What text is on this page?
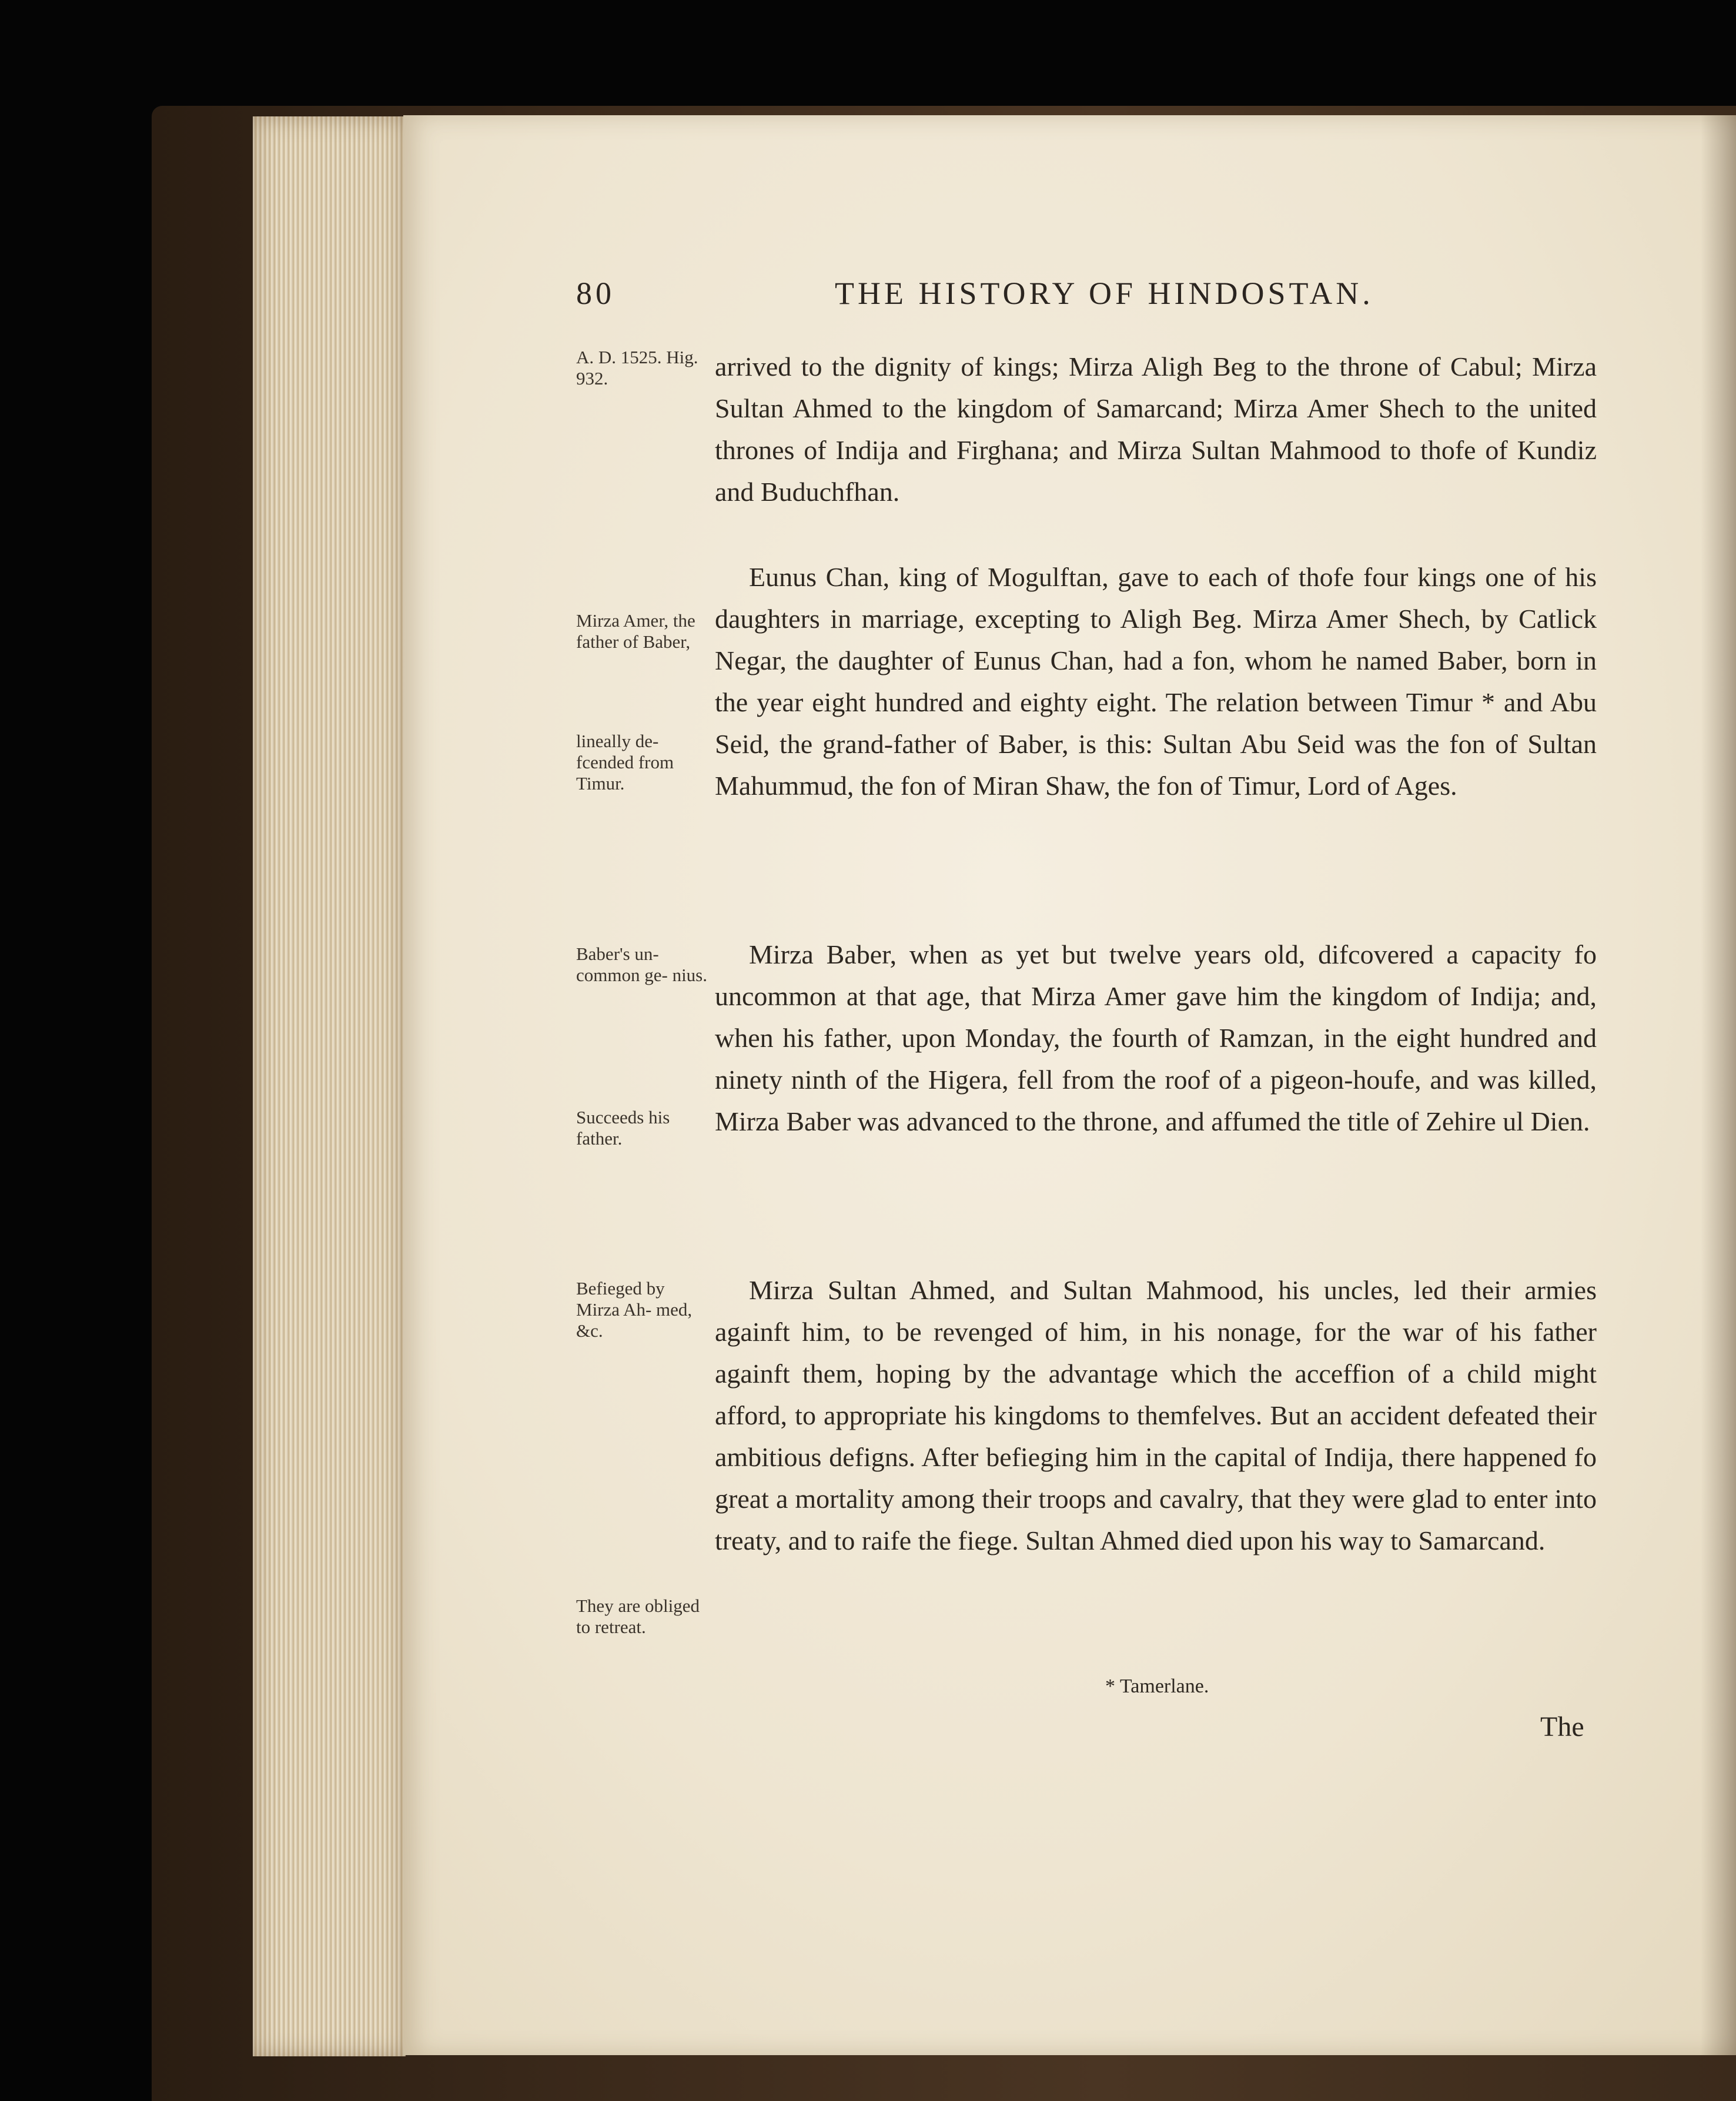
80	THE HISTORY OF HINDOSTAN.
A. D. 1525. Hig. 932.
Mirza Amer, the father of Baber,
lineally de- fcended from Timur.
Baber's un- common ge- nius.
Succeeds his father.
Befieged by Mirza Ah- med, &c.
They are obliged to retreat.

arrived to the dignity of kings; Mirza Aligh Beg to the throne of Cabul; Mirza Sultan Ahmed to the kingdom of Samarcand; Mirza Amer Shech to the united thrones of Indija and Firghana; and Mirza Sultan Mahmood to thofe of Kundiz and Buduchfhan.

Eunus Chan, king of Mogulftan, gave to each of thofe four kings one of his daughters in marriage, excepting to Aligh Beg. Mirza Amer Shech, by Catlick Negar, the daughter of Eunus Chan, had a fon, whom he named Baber, born in the year eight hundred and eighty eight. The relation between Timur * and Abu Seid, the grand-father of Baber, is this: Sultan Abu Seid was the fon of Sultan Mahummud, the fon of Miran Shaw, the fon of Timur, Lord of Ages.

Mirza Baber, when as yet but twelve years old, difcovered a capacity fo uncommon at that age, that Mirza Amer gave him the kingdom of Indija; and, when his father, upon Monday, the fourth of Ramzan, in the eight hundred and ninety ninth of the Higera, fell from the roof of a pigeon-houfe, and was killed, Mirza Baber was advanced to the throne, and affumed the title of Zehire ul Dien.

Mirza Sultan Ahmed, and Sultan Mahmood, his uncles, led their armies againft him, to be revenged of him, in his nonage, for the war of his father againft them, hoping by the advantage which the acceffion of a child might afford, to appropriate his kingdoms to themfelves. But an accident defeated their ambitious defigns. After befieging him in the capital of Indija, there happened fo great a mortality among their troops and cavalry, that they were glad to enter into treaty, and to raife the fiege. Sultan Ahmed died upon his way to Samarcand.

* Tamerlane.
The
